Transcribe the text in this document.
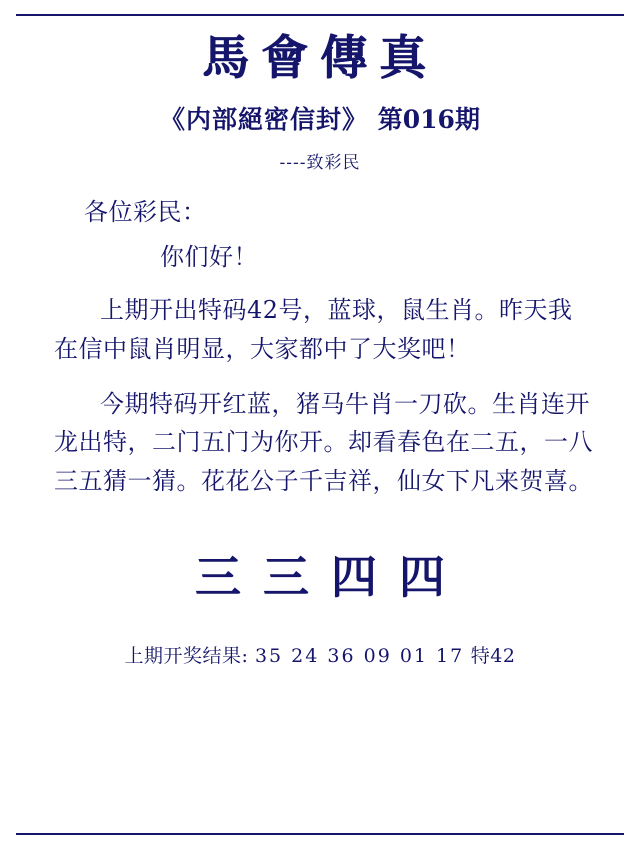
馬會傳真
《内部絕密信封》 第016期
----致彩民
各位彩民：
你们好！
上期开出特码42号，蓝球，鼠生肖。昨天我在信中鼠肖明显，大家都中了大奖吧！
今期特码开红蓝，猪马牛肖一刀砍。生肖连开龙出特，二门五门为你开。却看春色在二五，一八三五猜一猜。花花公子千吉祥，仙女下凡来贺喜。
三三四四
上期开奖结果: 35 24 36 09 01 17 特42
